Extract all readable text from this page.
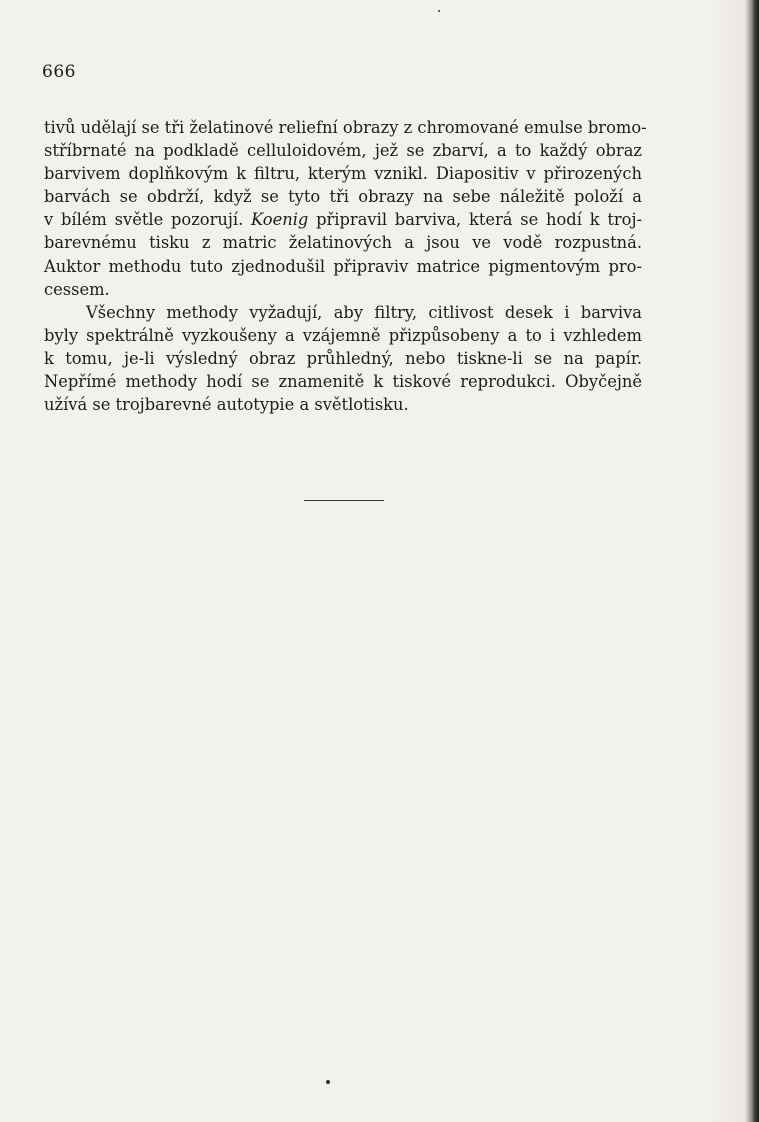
666
tivů udělají se tři želatinové reliefní obrazy z chromované emulse bromo-
stříbrnaté na podkladě celluloidovém, jež se zbarví, a to každý obraz
barvivem doplňkovým k filtru, kterým vznikl. Diapositiv v přirozených
barvách se obdrží, když se tyto tři obrazy na sebe náležitě položí a
v bílém světle pozorují. Koenig připravil barviva, která se hodí k troj-
barevnému tisku z matric želatinových a jsou ve vodě rozpustná.
Auktor methodu tuto zjednodušil připraviv matrice pigmentovým pro-
cessem.
Všechny methody vyžadují, aby filtry, citlivost desek i barviva
byly spektrálně vyzkoušeny a vzájemně přizpůsobeny a to i vzhledem
k tomu, je-li výsledný obraz průhledný, nebo tiskne-li se na papír.
Nepřímé methody hodí se znamenitě k tiskové reprodukci. Obyčejně
užívá se trojbarevné autotypie a světlotisku.
